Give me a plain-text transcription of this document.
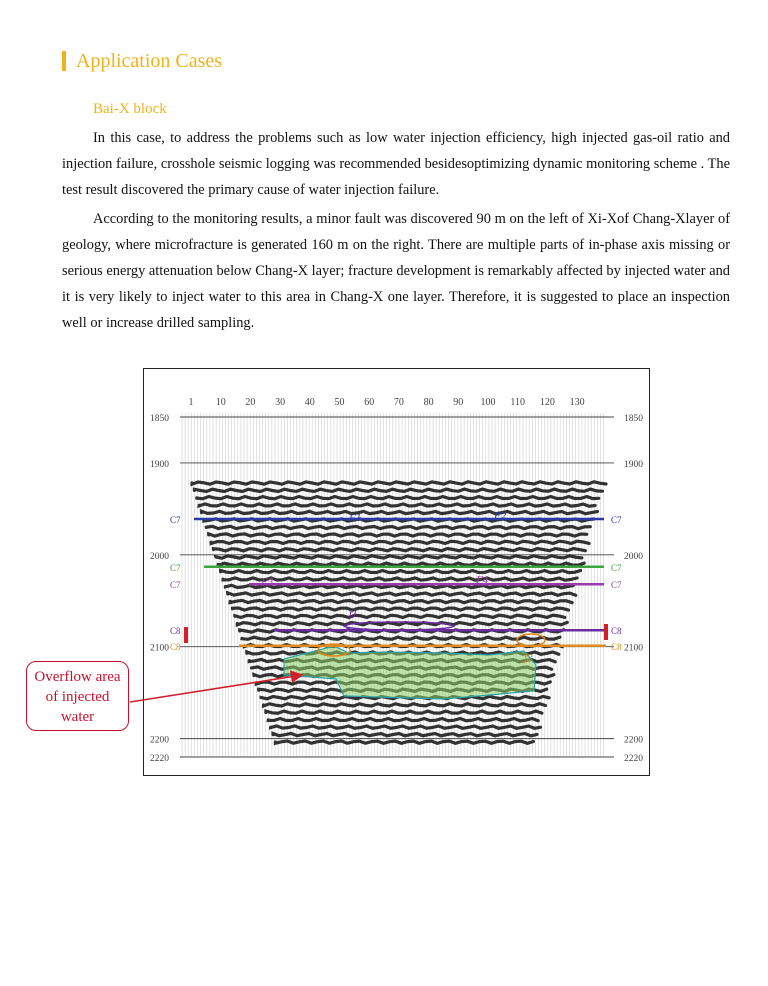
Application Cases
Bai-X block

In this case, to address the problems such as low water injection efficiency, high injected gas-oil ratio and injection failure, crosshole seismic logging was recommended besidesoptimizing dynamic monitoring scheme . The test result discovered the primary cause of water injection failure.

According to the monitoring results, a minor fault was discovered 90 m on the left of Xi-Xof Chang-Xlayer of geology, where microfracture is generated 160 m on the right. There are multiple parts of in-phase axis missing or serious energy attenuation below Chang-X layer; fracture development is remarkably affected by injected water and it is very likely to inject water to this area in Chang-X one layer. Therefore, it is suggested to place an inspection well or increase drilled sampling.

1 10 20 30 40 50 60 70 80 90 100 110 120 130
1850	1850
1900	1900
2000	2000
2100	2100
2200	2200
2220	2220
C7	C7
C7	C7
C7	C7
C8	C8
C8	C8
F1	F2
F3	F4
f1
f2
Overflow area
of injected
water
